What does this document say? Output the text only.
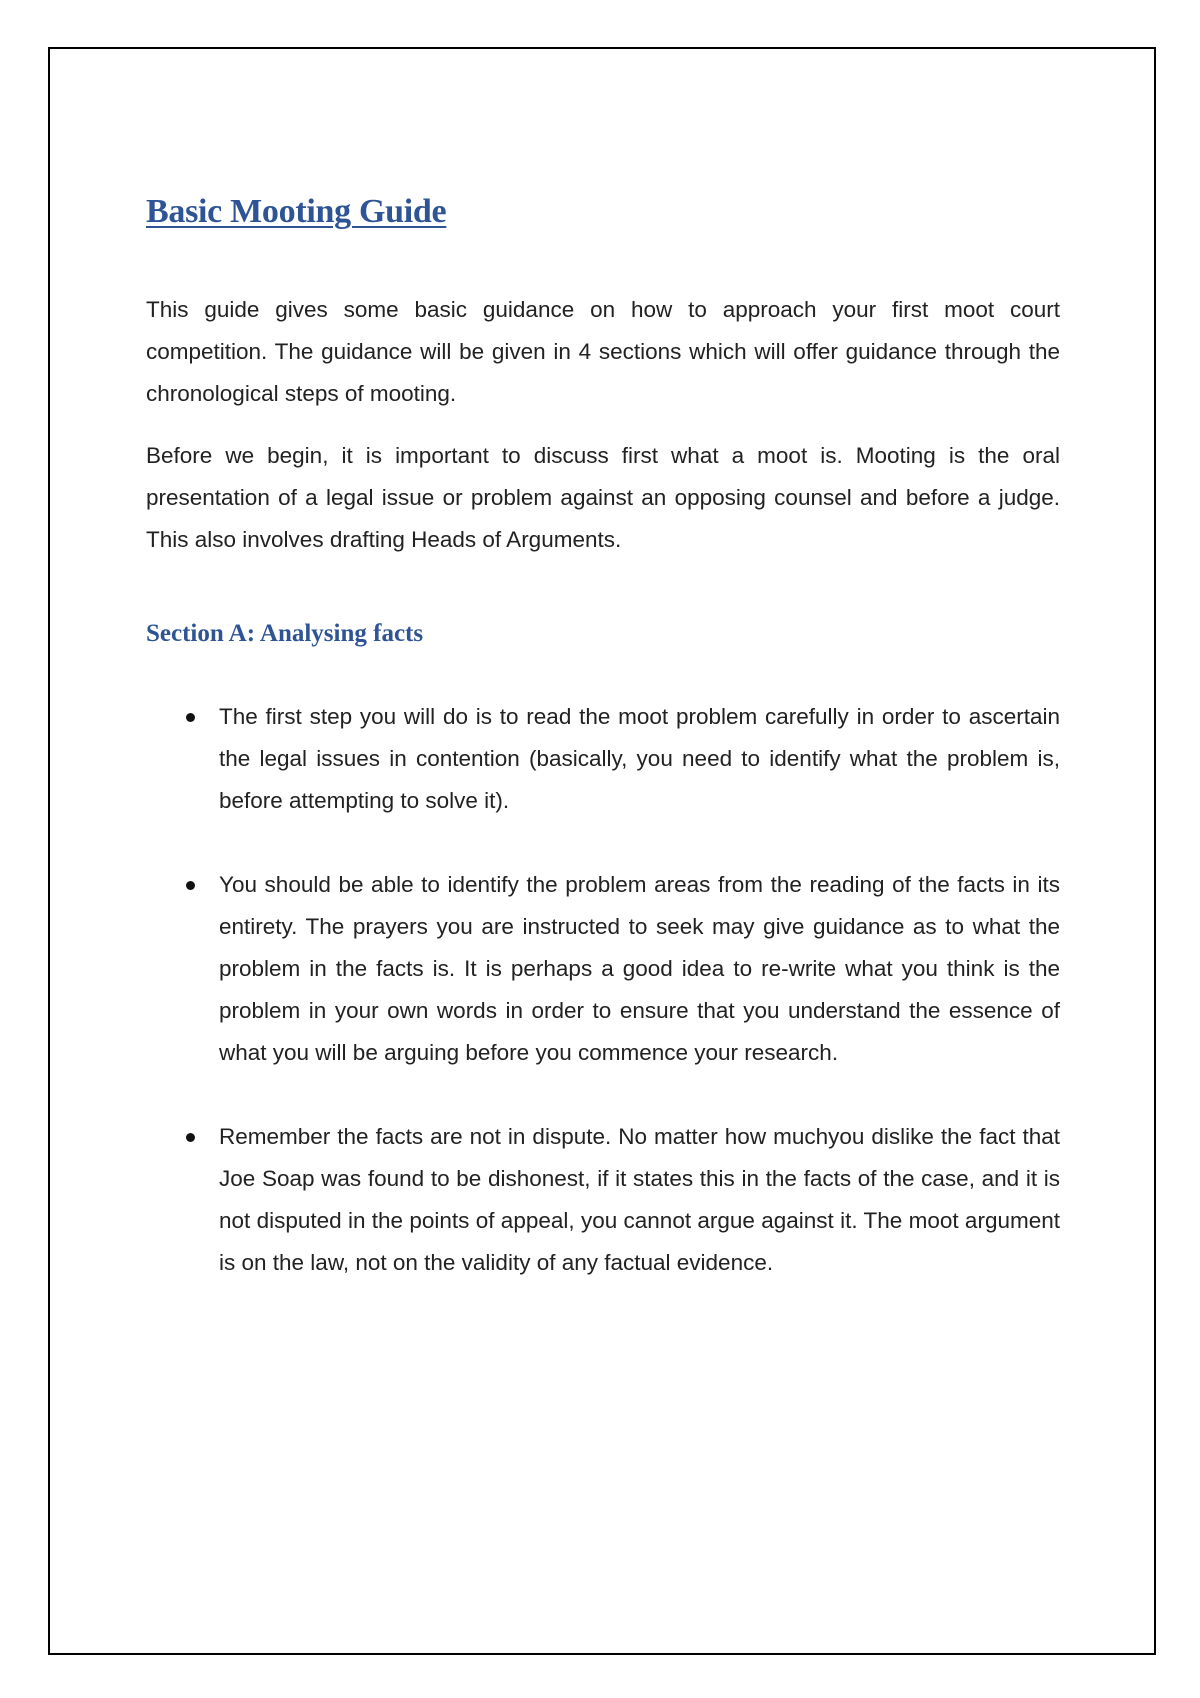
Basic Mooting Guide

This guide gives some basic guidance on how to approach your first moot court competition. The guidance will be given in 4 sections which will offer guidance through the chronological steps of mooting.

Before we begin, it is important to discuss first what a moot is. Mooting is the oral presentation of a legal issue or problem against an opposing counsel and before a judge. This also involves drafting Heads of Arguments.

Section A: Analysing facts
The first step you will do is to read the moot problem carefully in order to ascertain the legal issues in contention (basically, you need to identify what the problem is, before attempting to solve it).
You should be able to identify the problem areas from the reading of the facts in its entirety. The prayers you are instructed to seek may give guidance as to what the problem in the facts is. It is perhaps a good idea to re-write what you think is the problem in your own words in order to ensure that you understand the essence of what you will be arguing before you commence your research.
Remember the facts are not in dispute. No matter how muchyou dislike the fact that Joe Soap was found to be dishonest, if it states this in the facts of the case, and it is not disputed in the points of appeal, you cannot argue against it. The moot argument is on the law, not on the validity of any factual evidence.
